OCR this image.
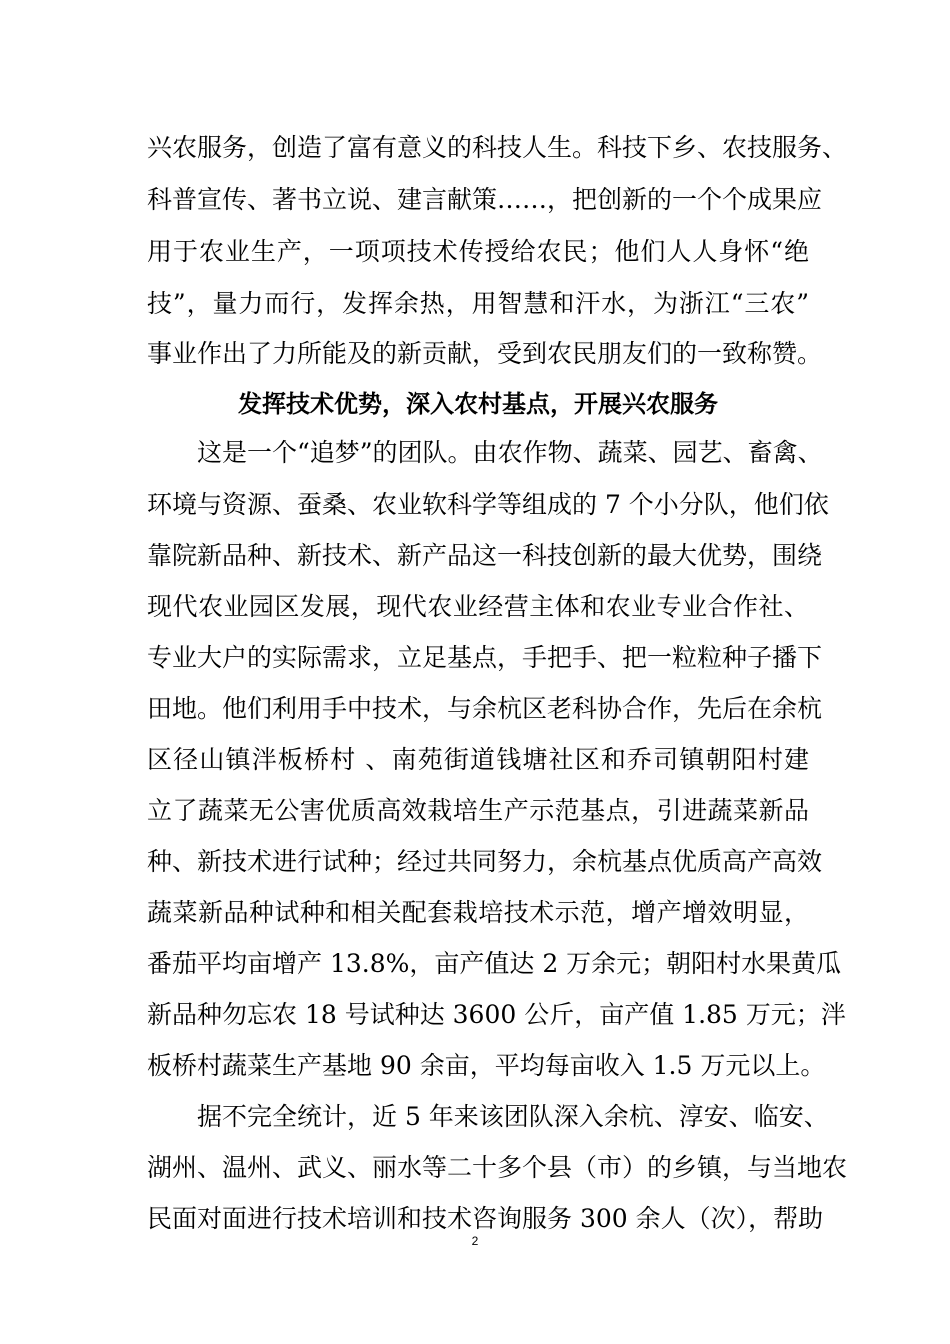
兴农服务，创造了富有意义的科技人生。科技下乡、农技服务、
科普宣传、著书立说、建言献策……，把创新的一个个成果应
用于农业生产，一项项技术传授给农民；他们人人身怀“绝
技”，量力而行，发挥余热，用智慧和汗水，为浙江“三农”
事业作出了力所能及的新贡献，受到农民朋友们的一致称赞。
发挥技术优势，深入农村基点，开展兴农服务
这是一个“追梦”的团队。由农作物、蔬菜、园艺、畜禽、
环境与资源、蚕桑、农业软科学等组成的 7 个小分队，他们依
靠院新品种、新技术、新产品这一科技创新的最大优势，围绕
现代农业园区发展，现代农业经营主体和农业专业合作社、
专业大户的实际需求，立足基点，手把手、把一粒粒种子播下
田地。他们利用手中技术，与余杭区老科协合作，先后在余杭
区径山镇泮板桥村 、南苑街道钱塘社区和乔司镇朝阳村建
立了蔬菜无公害优质高效栽培生产示范基点，引进蔬菜新品
种、新技术进行试种；经过共同努力，余杭基点优质高产高效
蔬菜新品种试种和相关配套栽培技术示范，增产增效明显，
番茄平均亩增产 13.8%，亩产值达 2 万余元；朝阳村水果黄瓜
新品种勿忘农 18 号试种达 3600 公斤，亩产值 1.85 万元；泮
板桥村蔬菜生产基地 90 余亩，平均每亩收入 1.5 万元以上。
据不完全统计，近 5 年来该团队深入余杭、淳安、临安、
湖州、温州、武义、丽水等二十多个县（市）的乡镇，与当地农
民面对面进行技术培训和技术咨询服务 300 余人（次），帮助
2
